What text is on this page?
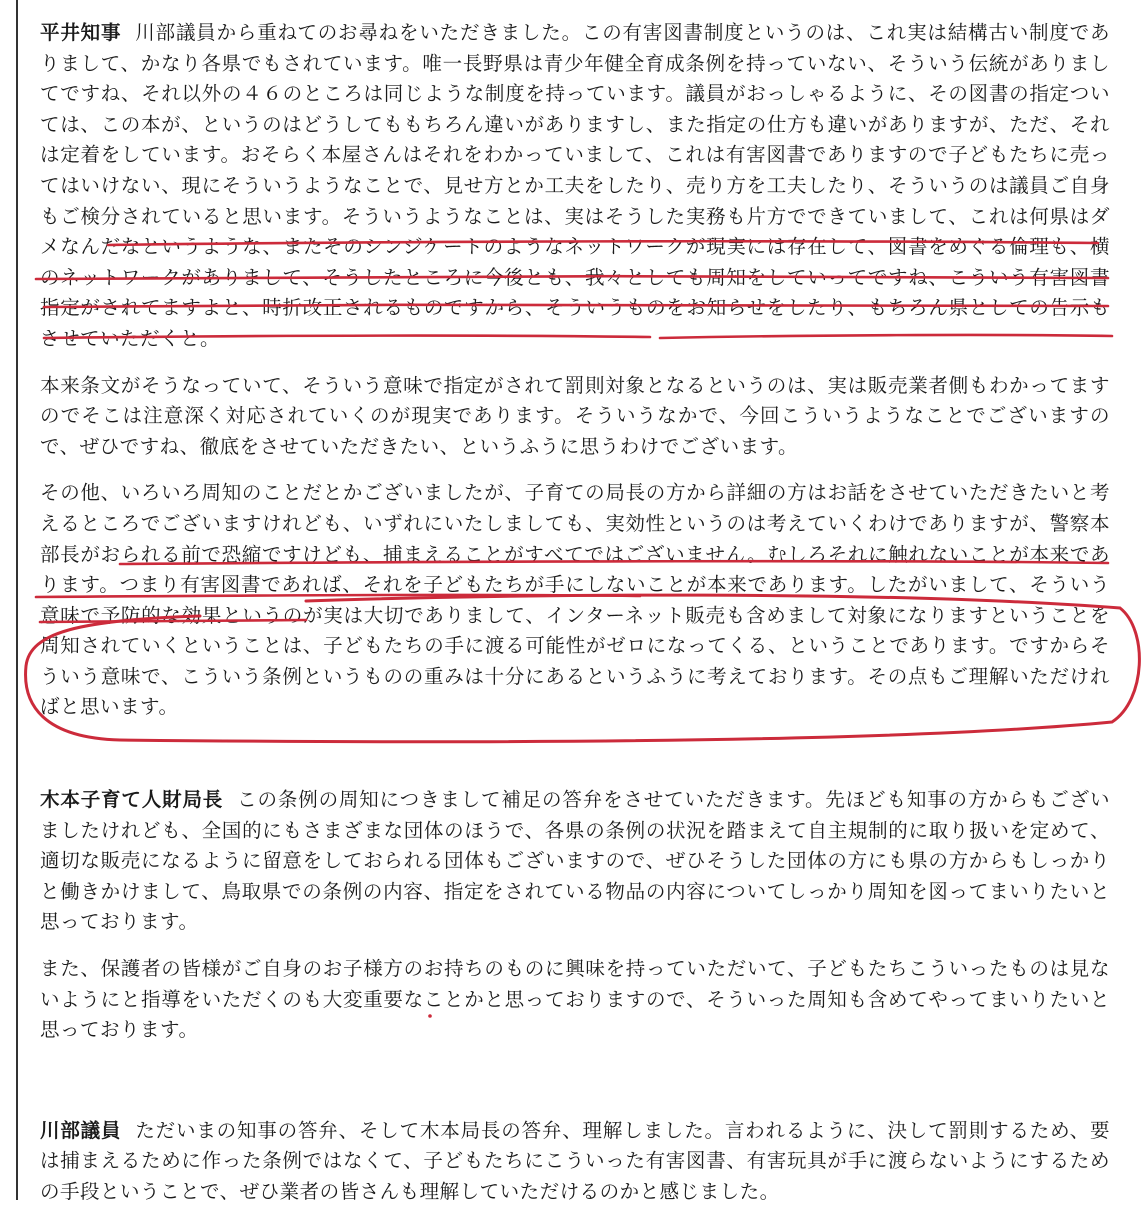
平井知事 川部議員から重ねてのお尋ねをいただきました。この有害図書制度というのは、これ実は結構古い制度でありまして、かなり各県でもされています。唯一長野県は青少年健全育成条例を持っていない、そういう伝統がありましてですね、それ以外の４６のところは同じような制度を持っています。議員がおっしゃるように、その図書の指定ついては、この本が、というのはどうしてももちろん違いがありますし、また指定の仕方も違いがありますが、ただ、それは定着をしています。おそらく本屋さんはそれをわかっていまして、これは有害図書でありますので子どもたちに売ってはいけない、現にそういうようなことで、見せ方とか工夫をしたり、売り方を工夫したり、そういうのは議員ご自身もご検分されていると思います。そういうようなことは、実はそうした実務も片方でできていまして、これは何県はダメなんだなというような、またそのシンジケートのようなネットワークが現実には存在して、図書をめぐる倫理も、横のネットワークがありまして、そうしたところに今後とも、我々としても周知をしていってですね、こういう有害図書指定がされてますよと、時折改正されるものですから、そういうものをお知らせをしたり、もちろん県としての告示もさせていただくと。

本来条文がそうなっていて、そういう意味で指定がされて罰則対象となるというのは、実は販売業者側もわかってますのでそこは注意深く対応されていくのが現実であります。そういうなかで、今回こういうようなことでございますので、ぜひですね、徹底をさせていただきたい、というふうに思うわけでございます。

その他、いろいろ周知のことだとかございましたが、子育ての局長の方から詳細の方はお話をさせていただきたいと考えるところでございますけれども、いずれにいたしましても、実効性というのは考えていくわけでありますが、警察本部長がおられる前で恐縮ですけども、捕まえることがすべてではございません。むしろそれに触れないことが本来であります。つまり有害図書であれば、それを子どもたちが手にしないことが本来であります。したがいまして、そういう意味で予防的な効果というのが実は大切でありまして、インターネット販売も含めまして対象になりますということを周知されていくということは、子どもたちの手に渡る可能性がゼロになってくる、ということであります。ですからそういう意味で、こういう条例というものの重みは十分にあるというふうに考えております。その点もご理解いただければと思います。

木本子育て人財局長 この条例の周知につきまして補足の答弁をさせていただきます。先ほども知事の方からもございましたけれども、全国的にもさまざまな団体のほうで、各県の条例の状況を踏まえて自主規制的に取り扱いを定めて、適切な販売になるように留意をしておられる団体もございますので、ぜひそうした団体の方にも県の方からもしっかりと働きかけまして、鳥取県での条例の内容、指定をされている物品の内容についてしっかり周知を図ってまいりたいと思っております。

また、保護者の皆様がご自身のお子様方のお持ちのものに興味を持っていただいて、子どもたちこういったものは見ないようにと指導をいただくのも大変重要なことかと思っておりますので、そういった周知も含めてやってまいりたいと思っております。

川部議員 ただいまの知事の答弁、そして木本局長の答弁、理解しました。言われるように、決して罰則するため、要は捕まえるために作った条例ではなくて、子どもたちにこういった有害図書、有害玩具が手に渡らないようにするための手段ということで、ぜひ業者の皆さんも理解していただけるのかと感じました。
